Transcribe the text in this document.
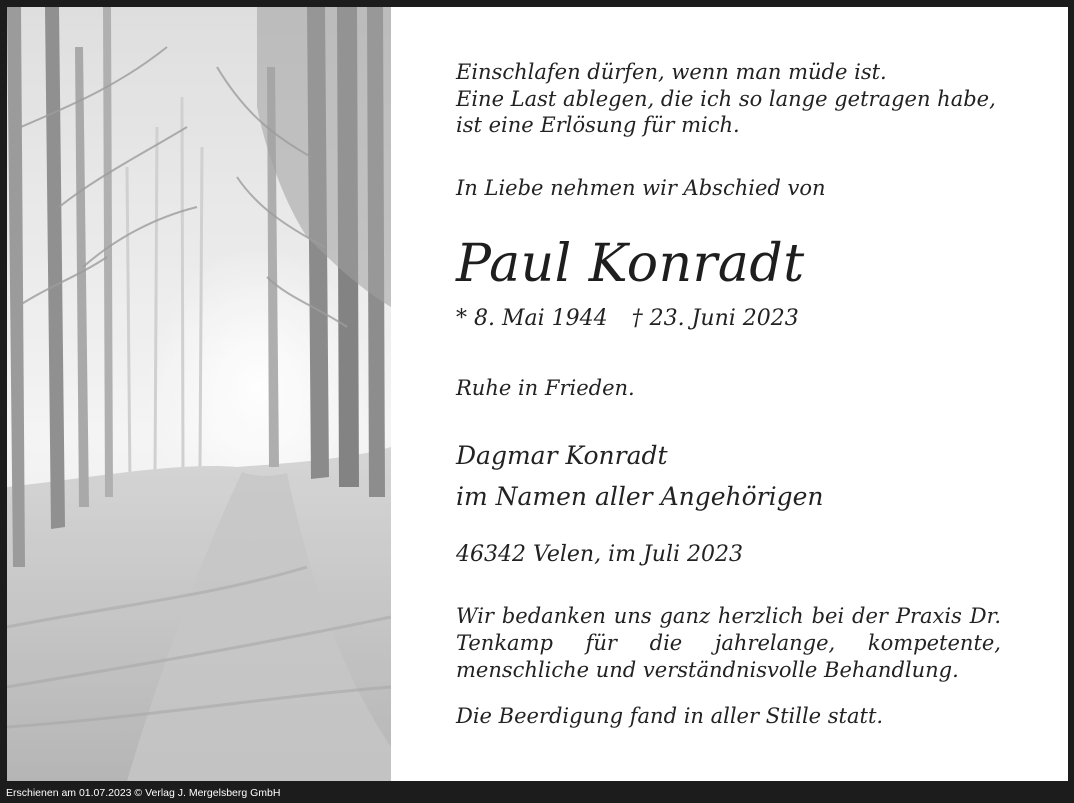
Einschlafen dürfen, wenn man müde ist.
Eine Last ablegen, die ich so lange getragen habe,
ist eine Erlösung für mich.
In Liebe nehmen wir Abschied von
Paul Konradt
* 8. Mai 1944 † 23. Juni 2023
Ruhe in Frieden.
Dagmar Konradt
im Namen aller Angehörigen
46342 Velen, im Juli 2023

Wir bedanken uns ganz herzlich bei der Praxis Dr. Tenkamp für die jahrelange, kompetente, menschliche und verständnisvolle Behandlung.

Die Beerdigung fand in aller Stille statt.
Erschienen am 01.07.2023 © Verlag J. Mergelsberg GmbH
